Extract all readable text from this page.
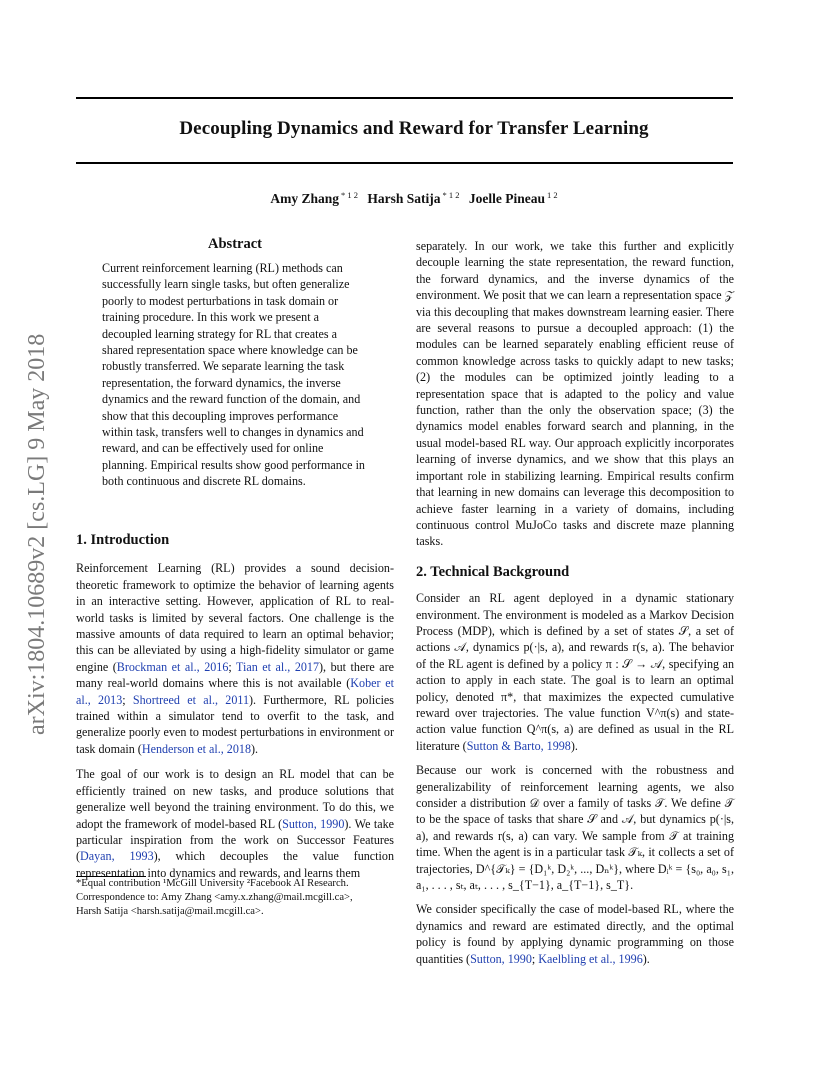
Decoupling Dynamics and Reward for Transfer Learning
Amy Zhang $^{* 1 2}$ Harsh Satija $^{* 1 2}$ Joelle Pineau $^{1 2}$
arXiv:1804.10689v2 [cs.LG] 9 May 2018
Abstract
Current reinforcement learning (RL) methods can successfully learn single tasks, but often generalize poorly to modest perturbations in task domain or training procedure. In this work we present a decoupled learning strategy for RL that creates a shared representation space where knowledge can be robustly transferred. We separate learning the task representation, the forward dynamics, the inverse dynamics and the reward function of the domain, and show that this decoupling improves performance within task, transfers well to changes in dynamics and reward, and can be effectively used for online planning. Empirical results show good performance in both continuous and discrete RL domains.
1. Introduction

Reinforcement Learning (RL) provides a sound decision-theoretic framework to optimize the behavior of learning agents in an interactive setting. However, application of RL to real-world tasks is limited by several factors. One challenge is the massive amounts of data required to learn an optimal behavior; this can be alleviated by using a high-fidelity simulator or game engine (Brockman et al., 2016; Tian et al., 2017), but there are many real-world domains where this is not available (Kober et al., 2013; Shortreed et al., 2011). Furthermore, RL policies trained within a simulator tend to overfit to the task, and generalize poorly even to modest perturbations in environment or task domain (Henderson et al., 2018).

The goal of our work is to design an RL model that can be efficiently trained on new tasks, and produce solutions that generalize well beyond the training environment. To do this, we adopt the framework of model-based RL (Sutton, 1990). We take particular inspiration from the work on Successor Features (Dayan, 1993), which decouples the value function representation into dynamics and rewards, and learns them

*Equal contribution ¹McGill University ²Facebook AI Research.
Correspondence to: Amy Zhang <amy.x.zhang@mail.mcgill.ca>,
Harsh Satija <harsh.satija@mail.mcgill.ca>.

separately. In our work, we take this further and explicitly decouple learning the state representation, the reward function, the forward dynamics, and the inverse dynamics of the environment. We posit that we can learn a representation space 𝒵 via this decoupling that makes downstream learning easier. There are several reasons to pursue a decoupled approach: (1) the modules can be learned separately enabling efficient reuse of common knowledge across tasks to quickly adapt to new tasks; (2) the modules can be optimized jointly leading to a representation space that is adapted to the policy and value function, rather than the only the observation space; (3) the dynamics model enables forward search and planning, in the usual model-based RL way. Our approach explicitly incorporates learning of inverse dynamics, and we show that this plays an important role in stabilizing learning. Empirical results confirm that learning in new domains can leverage this decomposition to achieve faster learning in a variety of domains, including continuous control MuJoCo tasks and discrete maze planning tasks.

2. Technical Background

Consider an RL agent deployed in a dynamic stationary environment. The environment is modeled as a Markov Decision Process (MDP), which is defined by a set of states 𝒮, a set of actions 𝒜, dynamics p(·|s, a), and rewards r(s, a). The behavior of the RL agent is defined by a policy π : 𝒮 → 𝒜, specifying an action to apply in each state. The goal is to learn an optimal policy, denoted π*, that maximizes the expected cumulative reward over trajectories. The value function V^π(s) and state-action value function Q^π(s, a) are defined as usual in the RL literature (Sutton & Barto, 1998).

Because our work is concerned with the robustness and generalizability of reinforcement learning agents, we also consider a distribution 𝒟 over a family of tasks 𝒯. We define 𝒯 to be the space of tasks that share 𝒮 and 𝒜, but dynamics p(·|s, a), and rewards r(s, a) can vary. We sample from 𝒯 at training time. When the agent is in a particular task 𝒯ₖ, it collects a set of trajectories, D^{𝒯ₖ} = {D₁ᵏ, D₂ᵏ, ..., Dₙᵏ}, where Dᵢᵏ = {s₀, a₀, s₁, a₁, . . . , sₜ, aₜ, . . . , s_{T−1}, a_{T−1}, s_T}.

We consider specifically the case of model-based RL, where the dynamics and reward are estimated directly, and the optimal policy is found by applying dynamic programming on those quantities (Sutton, 1990; Kaelbling et al., 1996).
